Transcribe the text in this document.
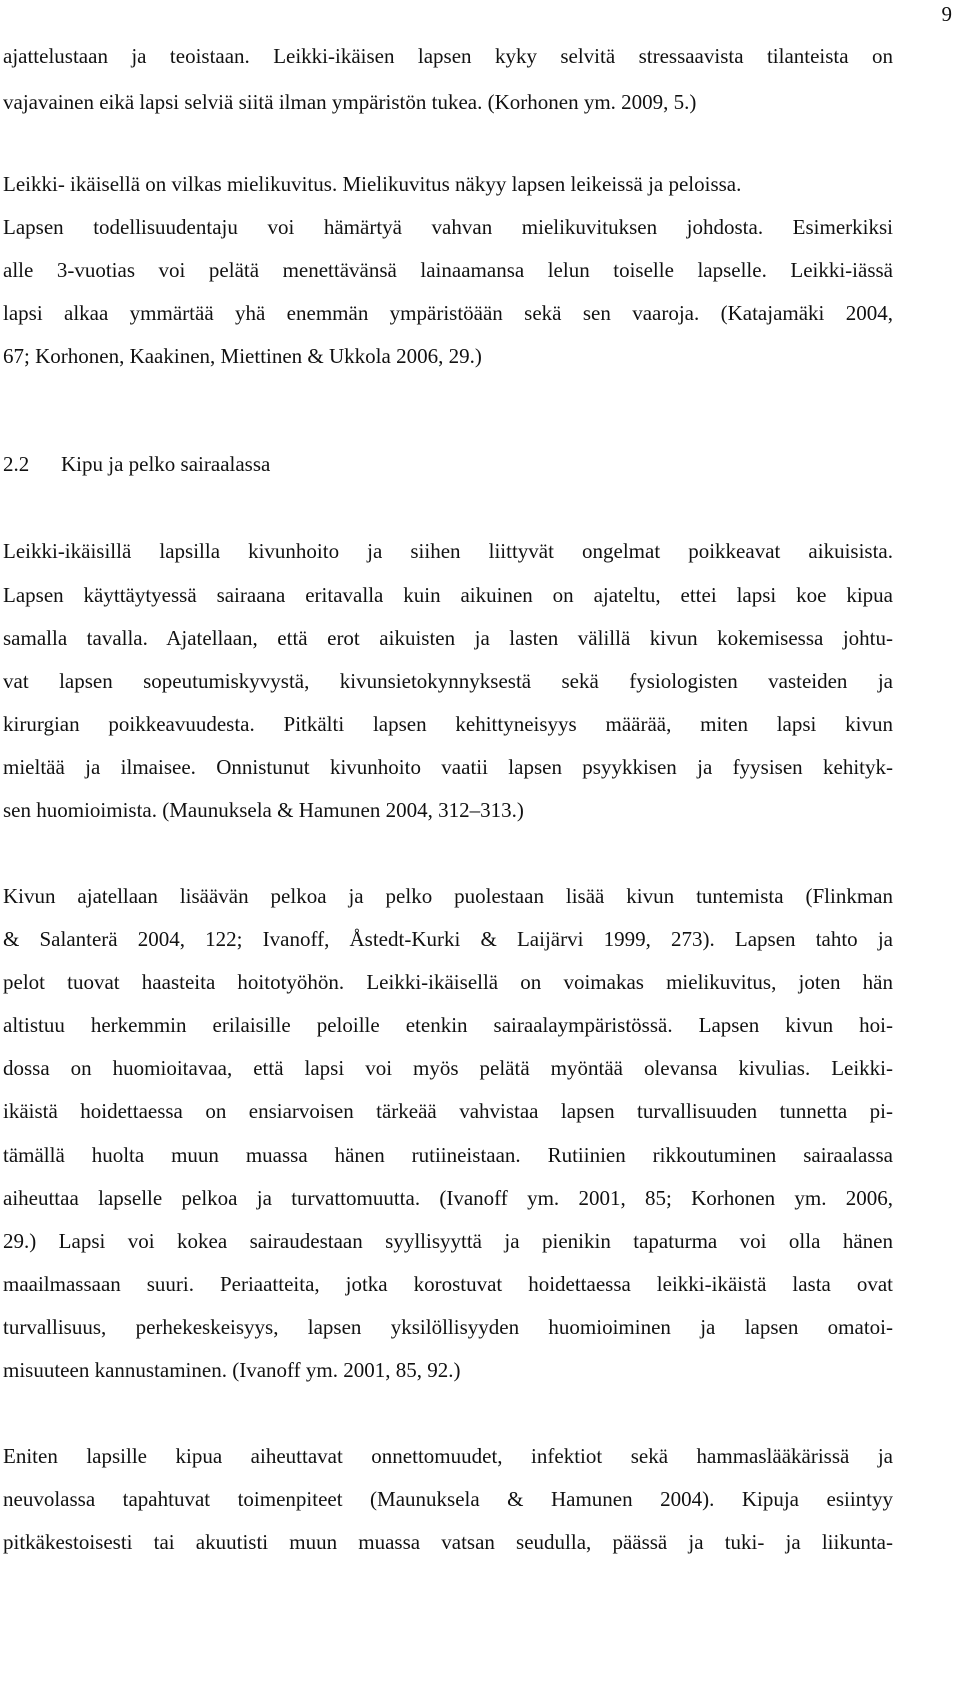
9
ajattelustaan ja teoistaan. Leikki-ikäisen lapsen kyky selvitä stressaavista tilanteista on
vajavainen eikä lapsi selviä siitä ilman ympäristön tukea. (Korhonen ym. 2009, 5.)
Leikki- ikäisellä on vilkas mielikuvitus. Mielikuvitus näkyy lapsen leikeissä ja peloissa.
Lapsen todellisuudentaju voi hämärtyä vahvan mielikuvituksen johdosta. Esimerkiksi
alle 3-vuotias voi pelätä menettävänsä lainaamansa lelun toiselle lapselle. Leikki-iässä
lapsi alkaa ymmärtää yhä enemmän ympäristöään sekä sen vaaroja. (Katajamäki 2004,
67; Korhonen, Kaakinen, Miettinen & Ukkola 2006, 29.)
2.2 Kipu ja pelko sairaalassa
Leikki-ikäisillä lapsilla kivunhoito ja siihen liittyvät ongelmat poikkeavat aikuisista.
Lapsen käyttäytyessä sairaana eritavalla kuin aikuinen on ajateltu, ettei lapsi koe kipua
samalla tavalla. Ajatellaan, että erot aikuisten ja lasten välillä kivun kokemisessa johtu-
vat lapsen sopeutumiskyvystä, kivunsietokynnyksestä sekä fysiologisten vasteiden ja
kirurgian poikkeavuudesta. Pitkälti lapsen kehittyneisyys määrää, miten lapsi kivun
mieltää ja ilmaisee. Onnistunut kivunhoito vaatii lapsen psyykkisen ja fyysisen kehityk-
sen huomioimista. (Maunuksela & Hamunen 2004, 312–313.)
Kivun ajatellaan lisäävän pelkoa ja pelko puolestaan lisää kivun tuntemista (Flinkman
& Salanterä 2004, 122; Ivanoff, Åstedt-Kurki & Laijärvi 1999, 273). Lapsen tahto ja
pelot tuovat haasteita hoitotyöhön. Leikki-ikäisellä on voimakas mielikuvitus, joten hän
altistuu herkemmin erilaisille peloille etenkin sairaalaympäristössä. Lapsen kivun hoi-
dossa on huomioitavaa, että lapsi voi myös pelätä myöntää olevansa kivulias. Leikki-
ikäistä hoidettaessa on ensiarvoisen tärkeää vahvistaa lapsen turvallisuuden tunnetta pi-
tämällä huolta muun muassa hänen rutiineistaan. Rutiinien rikkoutuminen sairaalassa
aiheuttaa lapselle pelkoa ja turvattomuutta. (Ivanoff ym. 2001, 85; Korhonen ym. 2006,
29.) Lapsi voi kokea sairaudestaan syyllisyyttä ja pienikin tapaturma voi olla hänen
maailmassaan suuri. Periaatteita, jotka korostuvat hoidettaessa leikki-ikäistä lasta ovat
turvallisuus, perhekeskeisyys, lapsen yksilöllisyyden huomioiminen ja lapsen omatoi-
misuuteen kannustaminen. (Ivanoff ym. 2001, 85, 92.)
Eniten lapsille kipua aiheuttavat onnettomuudet, infektiot sekä hammaslääkärissä ja
neuvolassa tapahtuvat toimenpiteet (Maunuksela & Hamunen 2004). Kipuja esiintyy
pitkäkestoisesti tai akuutisti muun muassa vatsan seudulla, päässä ja tuki- ja liikunta-
